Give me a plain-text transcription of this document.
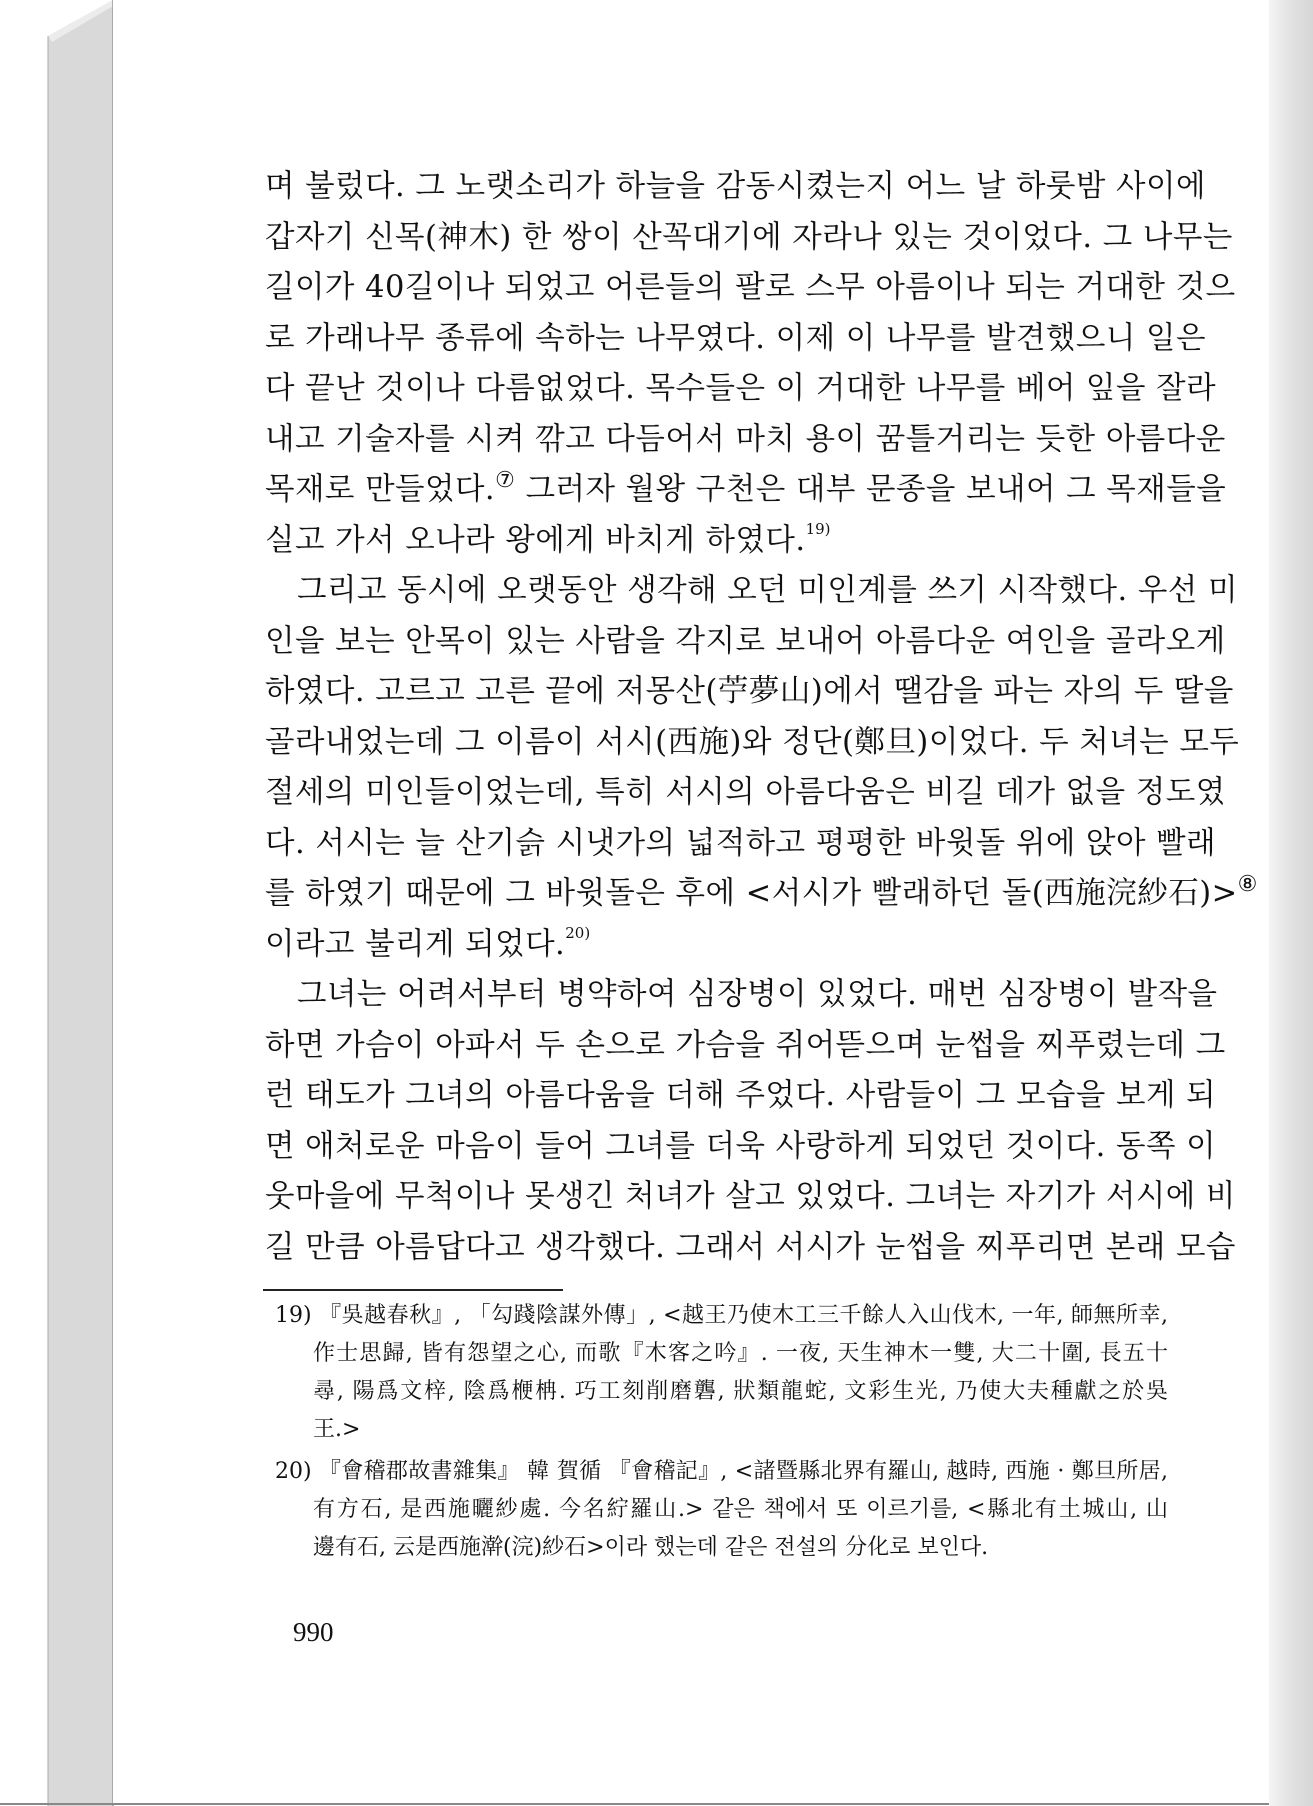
며 불렀다. 그 노랫소리가 하늘을 감동시켰는지 어느 날 하룻밤 사이에
갑자기 신목(神木) 한 쌍이 산꼭대기에 자라나 있는 것이었다. 그 나무는
길이가 40길이나 되었고 어른들의 팔로 스무 아름이나 되는 거대한 것으
로 가래나무 종류에 속하는 나무였다. 이제 이 나무를 발견했으니 일은
다 끝난 것이나 다름없었다. 목수들은 이 거대한 나무를 베어 잎을 잘라
내고 기술자를 시켜 깎고 다듬어서 마치 용이 꿈틀거리는 듯한 아름다운
목재로 만들었다.⑦ 그러자 월왕 구천은 대부 문종을 보내어 그 목재들을
실고 가서 오나라 왕에게 바치게 하였다.$^{19)}$
그리고 동시에 오랫동안 생각해 오던 미인계를 쓰기 시작했다. 우선 미
인을 보는 안목이 있는 사람을 각지로 보내어 아름다운 여인을 골라오게
하였다. 고르고 고른 끝에 저몽산(苧夢山)에서 땔감을 파는 자의 두 딸을
골라내었는데 그 이름이 서시(西施)와 정단(鄭旦)이었다. 두 처녀는 모두
절세의 미인들이었는데, 특히 서시의 아름다움은 비길 데가 없을 정도였
다. 서시는 늘 산기슭 시냇가의 넓적하고 평평한 바윗돌 위에 앉아 빨래
를 하였기 때문에 그 바윗돌은 후에 <서시가 빨래하던 돌(西施浣紗石)>⑧
이라고 불리게 되었다.$^{20)}$
그녀는 어려서부터 병약하여 심장병이 있었다. 매번 심장병이 발작을
하면 가슴이 아파서 두 손으로 가슴을 쥐어뜯으며 눈썹을 찌푸렸는데 그
런 태도가 그녀의 아름다움을 더해 주었다. 사람들이 그 모습을 보게 되
면 애처로운 마음이 들어 그녀를 더욱 사랑하게 되었던 것이다. 동쪽 이
웃마을에 무척이나 못생긴 처녀가 살고 있었다. 그녀는 자기가 서시에 비
길 만큼 아름답다고 생각했다. 그래서 서시가 눈썹을 찌푸리면 본래 모습
19) 『吳越春秋』, 「勾踐陰謀外傳」, <越王乃使木工三千餘人入山伐木, 一年, 師無所幸,
作士思歸, 皆有怨望之心, 而歌『木客之吟』. 一夜, 天生神木一雙, 大二十圍, 長五十
尋, 陽爲文梓, 陰爲楩柟. 巧工刻削磨礱, 狀類龍蛇, 文彩生光, 乃使大夫種獻之於吳
王.>
20) 『會稽郡故書雜集』 韓 賀循 『會稽記』, <諸暨縣北界有羅山, 越時, 西施 · 鄭旦所居,
有方石, 是西施曬紗處. 今名紵羅山.> 같은 책에서 또 이르기를, <縣北有土城山, 山
邊有石, 云是西施澣(浣)紗石>이라 했는데 같은 전설의 分化로 보인다.
990
